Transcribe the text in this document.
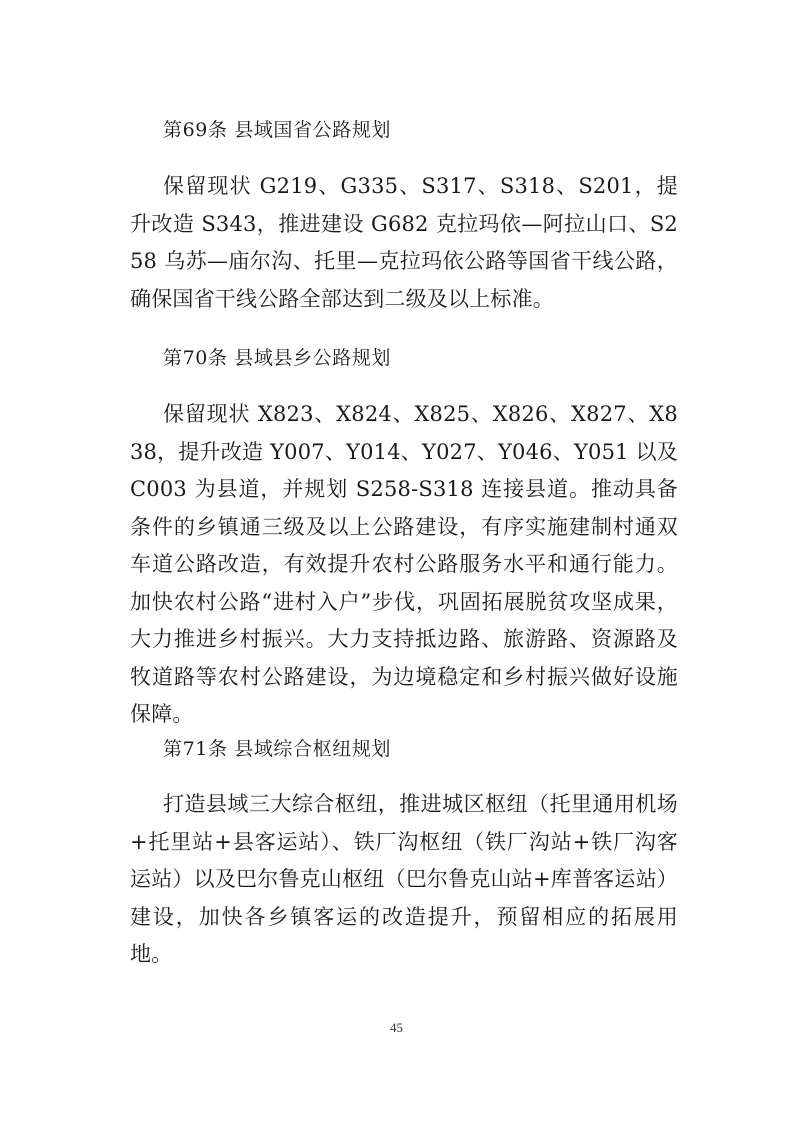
第69条 县域国省公路规划

保留现状 G219、G335、S317、S318、S201，提升改造 S343，推进建设 G682 克拉玛依—阿拉山口、S258 乌苏—庙尔沟、托里—克拉玛依公路等国省干线公路，确保国省干线公路全部达到二级及以上标准。

第70条 县域县乡公路规划

保留现状 X823、X824、X825、X826、X827、X838，提升改造 Y007、Y014、Y027、Y046、Y051 以及 C003 为县道，并规划 S258-S318 连接县道。推动具备条件的乡镇通三级及以上公路建设，有序实施建制村通双车道公路改造，有效提升农村公路服务水平和通行能力。加快农村公路“进村入户”步伐，巩固拓展脱贫攻坚成果，大力推进乡村振兴。大力支持抵边路、旅游路、资源路及牧道路等农村公路建设，为边境稳定和乡村振兴做好设施保障。

第71条 县域综合枢纽规划

打造县域三大综合枢纽，推进城区枢纽（托里通用机场+托里站+县客运站）、铁厂沟枢纽（铁厂沟站+铁厂沟客运站）以及巴尔鲁克山枢纽（巴尔鲁克山站+库普客运站）建设，加快各乡镇客运的改造提升，预留相应的拓展用地。

45
